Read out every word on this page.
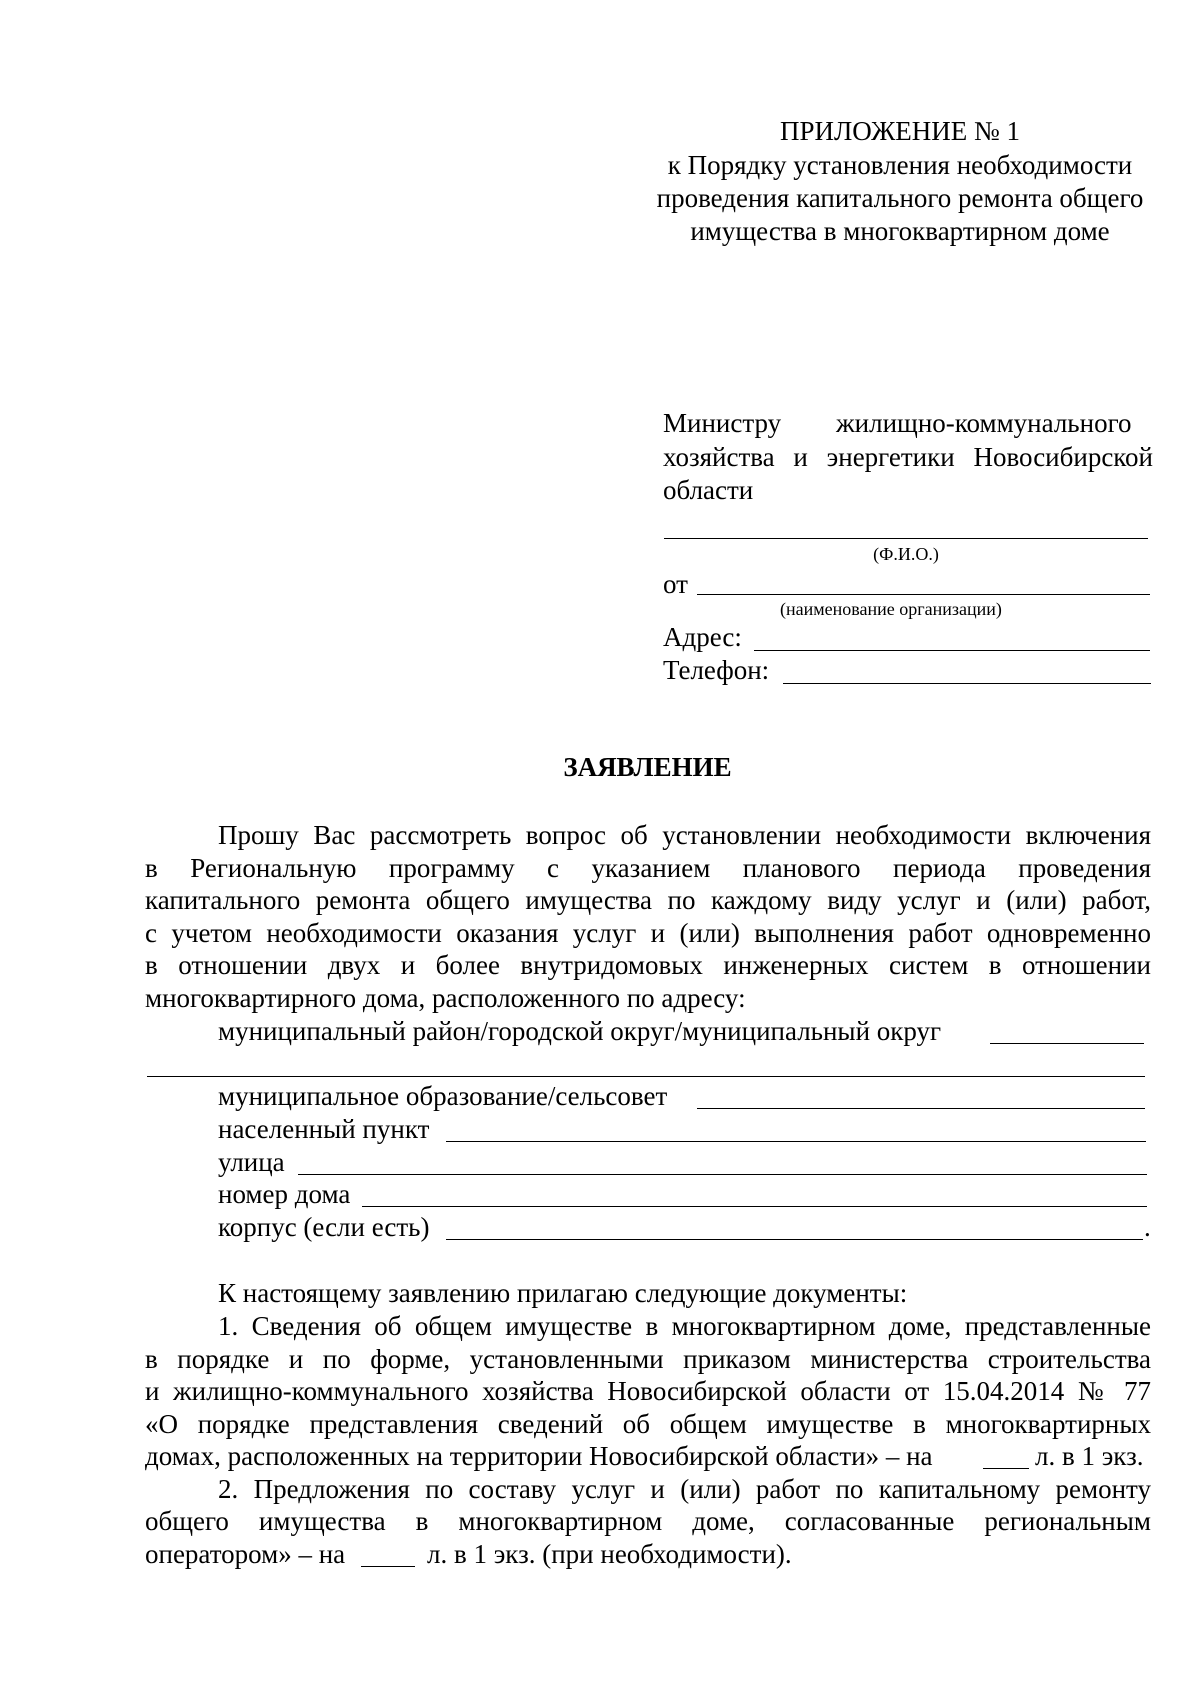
ПРИЛОЖЕНИЕ № 1
к Порядку установления необходимости
проведения капитального ремонта общего
имущества в многоквартирном доме
Министру жилищно-коммунального
хозяйства и энергетики Новосибирской
области
(Ф.И.О.)
от
(наименование организации)
Адрес:
Телефон:
ЗАЯВЛЕНИЕ
Прошу Вас рассмотреть вопрос об установлении необходимости включения
в Региональную программу с указанием планового периода проведения
капитального ремонта общего имущества по каждому виду услуг и (или) работ,
с учетом необходимости оказания услуг и (или) выполнения работ одновременно
в отношении двух и более внутридомовых инженерных систем в отношении
многоквартирного дома, расположенного по адресу:
муниципальный район/городской округ/муниципальный округ
муниципальное образование/сельсовет
населенный пункт
улица
номер дома
корпус (если есть)	.
К настоящему заявлению прилагаю следующие документы:
1. Сведения об общем имуществе в многоквартирном доме, представленные
в порядке и по форме, установленными приказом министерства строительства
и жилищно-коммунального хозяйства Новосибирской области от 15.04.2014 № 77
«О порядке представления сведений об общем имуществе в многоквартирных
домах, расположенных на территории Новосибирской области» – на	л. в 1 экз.
2. Предложения по составу услуг и (или) работ по капитальному ремонту
общего имущества в многоквартирном доме, согласованные региональным
оператором» – на	л. в 1 экз. (при необходимости).
